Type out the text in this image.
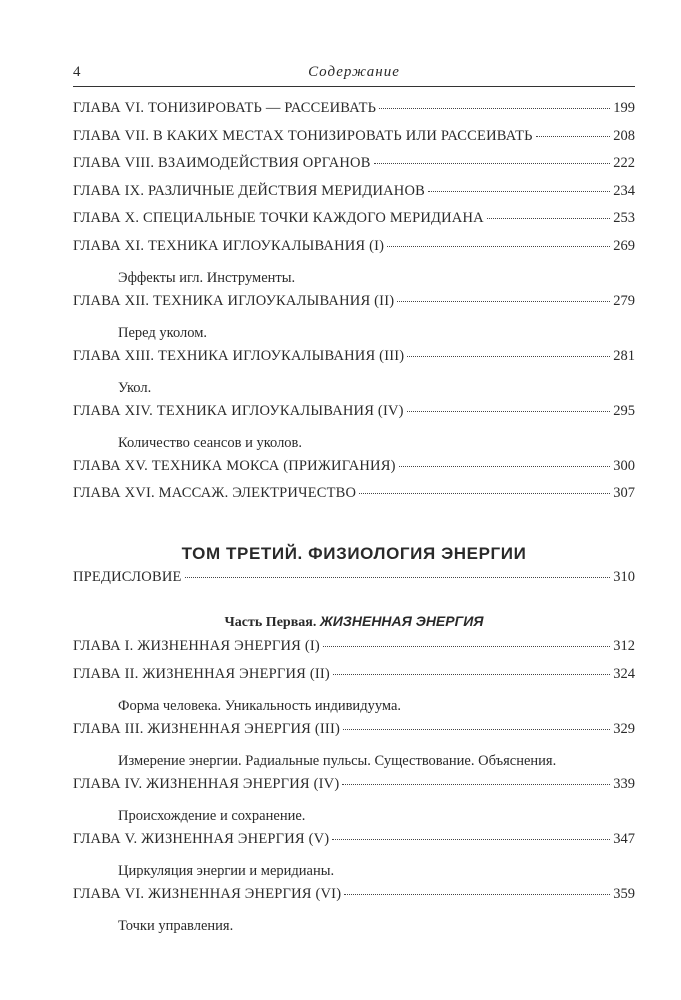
4	Содержание
ГЛАВА VI. ТОНИЗИРОВАТЬ — РАССЕИВАТЬ	199
ГЛАВА VII. В КАКИХ МЕСТАХ ТОНИЗИРОВАТЬ ИЛИ РАССЕИВАТЬ	208
ГЛАВА VIII. ВЗАИМОДЕЙСТВИЯ ОРГАНОВ	222
ГЛАВА IX. РАЗЛИЧНЫЕ ДЕЙСТВИЯ МЕРИДИАНОВ	234
ГЛАВА X. СПЕЦИАЛЬНЫЕ ТОЧКИ КАЖДОГО МЕРИДИАНА	253
ГЛАВА XI. ТЕХНИКА ИГЛОУКАЛЫВАНИЯ (I)	269
Эффекты игл. Инструменты.
ГЛАВА XII. ТЕХНИКА ИГЛОУКАЛЫВАНИЯ (II)	279
Перед уколом.
ГЛАВА XIII. ТЕХНИКА ИГЛОУКАЛЫВАНИЯ (III)	281
Укол.
ГЛАВА XIV. ТЕХНИКА ИГЛОУКАЛЫВАНИЯ (IV)	295
Количество сеансов и уколов.
ГЛАВА XV. ТЕХНИКА МОКСА (ПРИЖИГАНИЯ)	300
ГЛАВА XVI. МАССАЖ. ЭЛЕКТРИЧЕСТВО	307
ТОМ ТРЕТИЙ. ФИЗИОЛОГИЯ ЭНЕРГИИ
ПРЕДИСЛОВИЕ	310
Часть Первая. ЖИЗНЕННАЯ ЭНЕРГИЯ
ГЛАВА I. ЖИЗНЕННАЯ ЭНЕРГИЯ (I)	312
ГЛАВА II. ЖИЗНЕННАЯ ЭНЕРГИЯ (II)	324
Форма человека. Уникальность индивидуума.
ГЛАВА III. ЖИЗНЕННАЯ ЭНЕРГИЯ (III)	329
Измерение энергии. Радиальные пульсы. Существование. Объяснения.
ГЛАВА IV. ЖИЗНЕННАЯ ЭНЕРГИЯ (IV)	339
Происхождение и сохранение.
ГЛАВА V. ЖИЗНЕННАЯ ЭНЕРГИЯ (V)	347
Циркуляция энергии и меридианы.
ГЛАВА VI. ЖИЗНЕННАЯ ЭНЕРГИЯ (VI)	359
Точки управления.
